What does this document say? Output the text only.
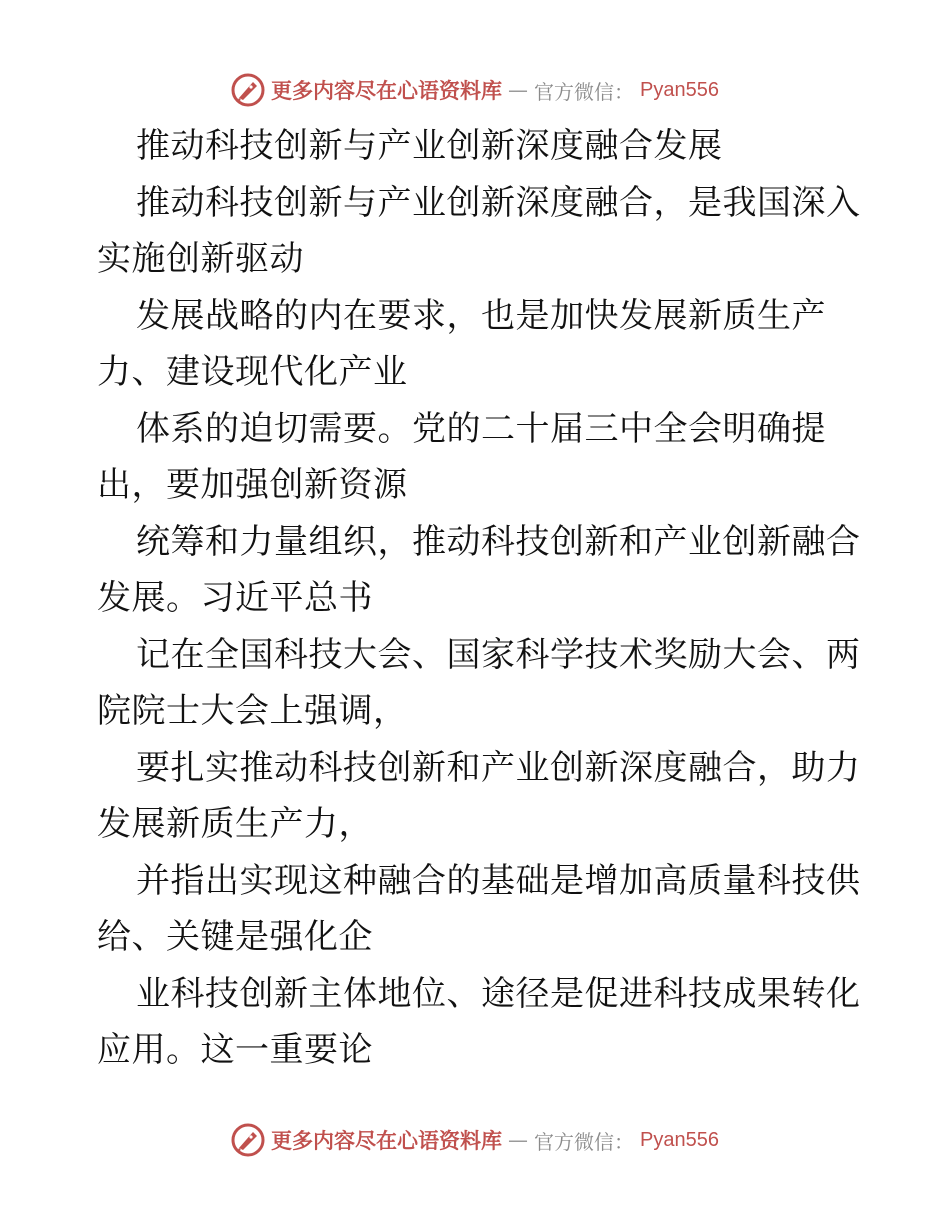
更多内容尽在心语资料库 — 官方微信： Pyan556
推动科技创新与产业创新深度融合发展
推动科技创新与产业创新深度融合，是我国深入
实施创新驱动
发展战略的内在要求，也是加快发展新质生产
力、建设现代化产业
体系的迫切需要。党的二十届三中全会明确提
出，要加强创新资源
统筹和力量组织，推动科技创新和产业创新融合
发展。习近平总书
记在全国科技大会、国家科学技术奖励大会、两
院院士大会上强调，
要扎实推动科技创新和产业创新深度融合，助力
发展新质生产力，
并指出实现这种融合的基础是增加高质量科技供
给、关键是强化企
业科技创新主体地位、途径是促进科技成果转化
应用。这一重要论
更多内容尽在心语资料库 — 官方微信： Pyan556
